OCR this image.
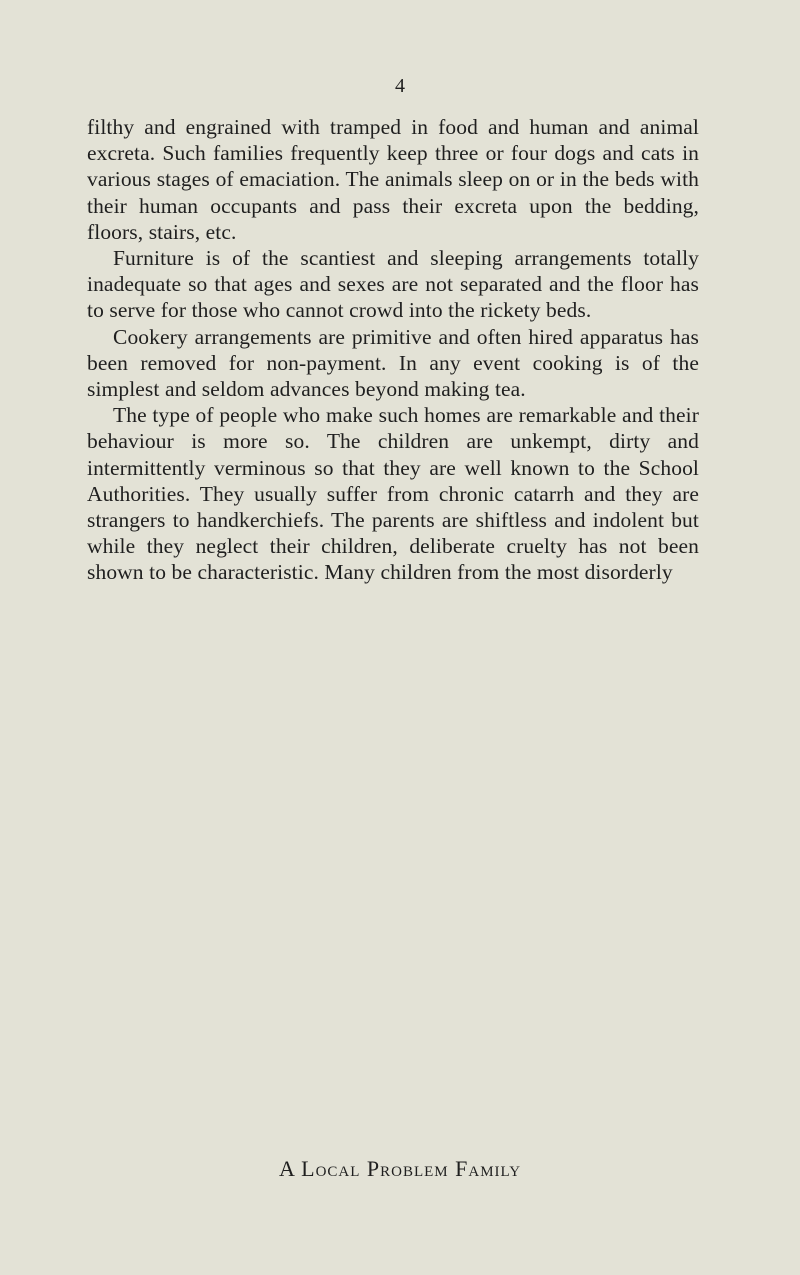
4

filthy and engrained with tramped in food and human and animal excreta. Such families frequently keep three or four dogs and cats in various stages of emaciation. The animals sleep on or in the beds with their human occupants and pass their excreta upon the bedding, floors, stairs, etc.

Furniture is of the scantiest and sleeping arrangements totally inadequate so that ages and sexes are not separated and the floor has to serve for those who cannot crowd into the rickety beds.

Cookery arrangements are primitive and often hired apparatus has been removed for non-payment. In any event cooking is of the simplest and seldom advances beyond making tea.

The type of people who make such homes are remarkable and their behaviour is more so. The children are unkempt, dirty and intermittently verminous so that they are well known to the School Authorities. They usually suffer from chronic catarrh and they are strangers to handkerchiefs. The parents are shiftless and indolent but while they neglect their children, deliberate cruelty has not been shown to be characteristic. Many children from the most disorderly

A Local Problem Family
